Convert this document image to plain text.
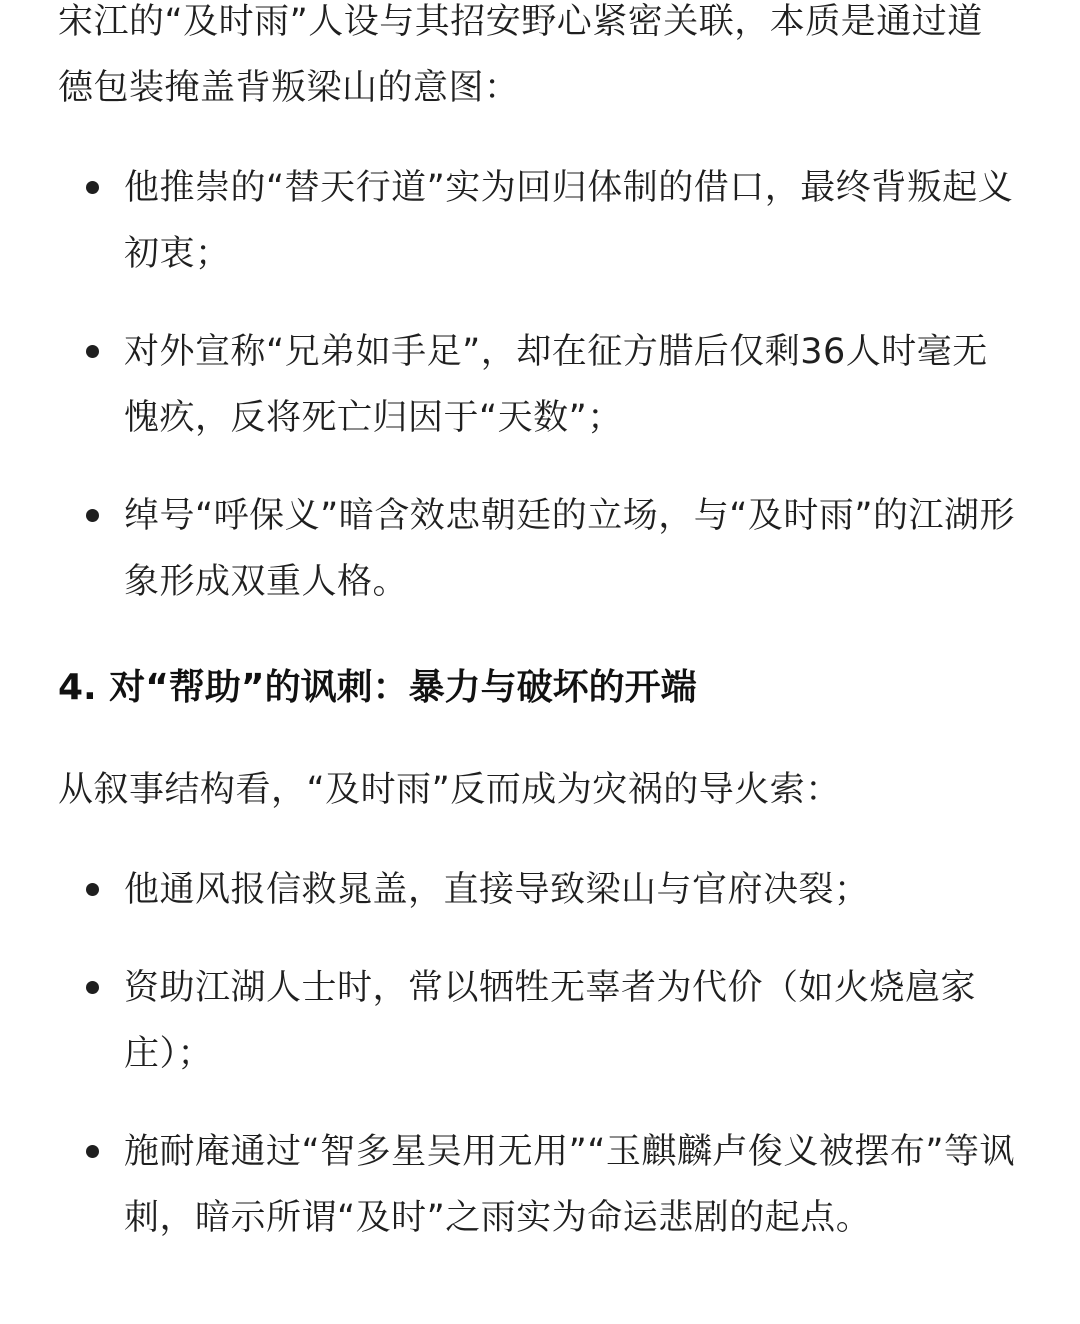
宋江的“及时雨”人设与其招安野心紧密关联，本质是通过道德包装掩盖背叛梁山的意图：

他推崇的“替天行道”实为回归体制的借口，最终背叛起义初衷；
对外宣称“兄弟如手足”，却在征方腊后仅剩36人时毫无愧疚，反将死亡归因于“天数”；
绰号“呼保义”暗含效忠朝廷的立场，与“及时雨”的江湖形象形成双重人格。
4. 对“帮助”的讽刺：暴力与破坏的开端

从叙事结构看，“及时雨”反而成为灾祸的导火索：

他通风报信救晁盖，直接导致梁山与官府决裂；
资助江湖人士时，常以牺牲无辜者为代价（如火烧扈家庄）；
施耐庵通过“智多星吴用无用”“玉麒麟卢俊义被摆布”等讽刺，暗示所谓“及时”之雨实为命运悲剧的起点。
